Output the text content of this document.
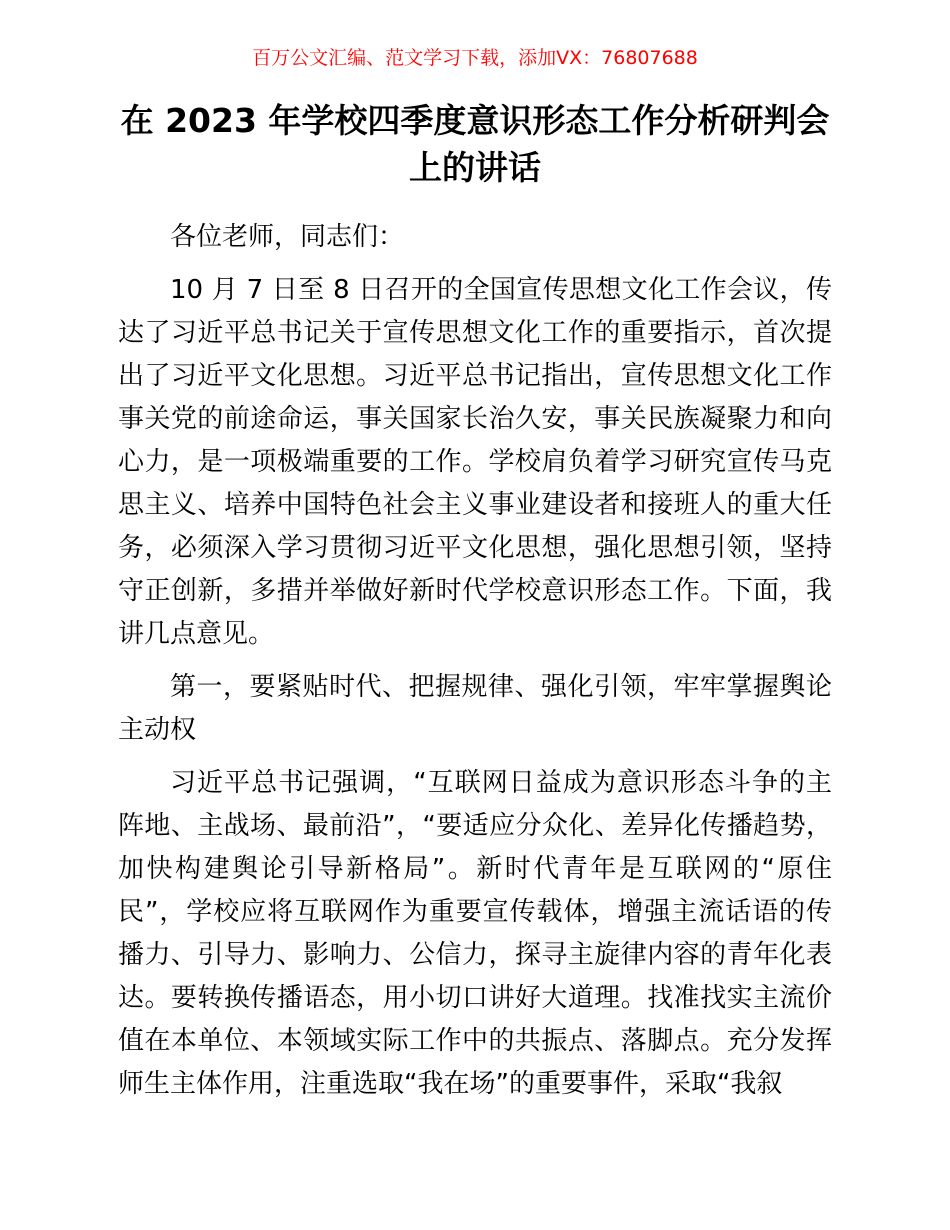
百万公文汇编、范文学习下载，添加VX：76807688
在 2023 年学校四季度意识形态工作分析研判会上的讲话

各位老师，同志们：

10 月 7 日至 8 日召开的全国宣传思想文化工作会议，传达了习近平总书记关于宣传思想文化工作的重要指示，首次提出了习近平文化思想。习近平总书记指出，宣传思想文化工作事关党的前途命运，事关国家长治久安，事关民族凝聚力和向心力，是一项极端重要的工作。学校肩负着学习研究宣传马克思主义、培养中国特色社会主义事业建设者和接班人的重大任务，必须深入学习贯彻习近平文化思想，强化思想引领，坚持守正创新，多措并举做好新时代学校意识形态工作。下面，我讲几点意见。

第一，要紧贴时代、把握规律、强化引领，牢牢掌握舆论主动权

习近平总书记强调，“互联网日益成为意识形态斗争的主阵地、主战场、最前沿”，“要适应分众化、差异化传播趋势，加快构建舆论引导新格局”。新时代青年是互联网的“原住民”，学校应将互联网作为重要宣传载体，增强主流话语的传播力、引导力、影响力、公信力，探寻主旋律内容的青年化表达。要转换传播语态，用小切口讲好大道理。找准找实主流价值在本单位、本领域实际工作中的共振点、落脚点。充分发挥师生主体作用，注重选取“我在场”的重要事件，采取“我叙
